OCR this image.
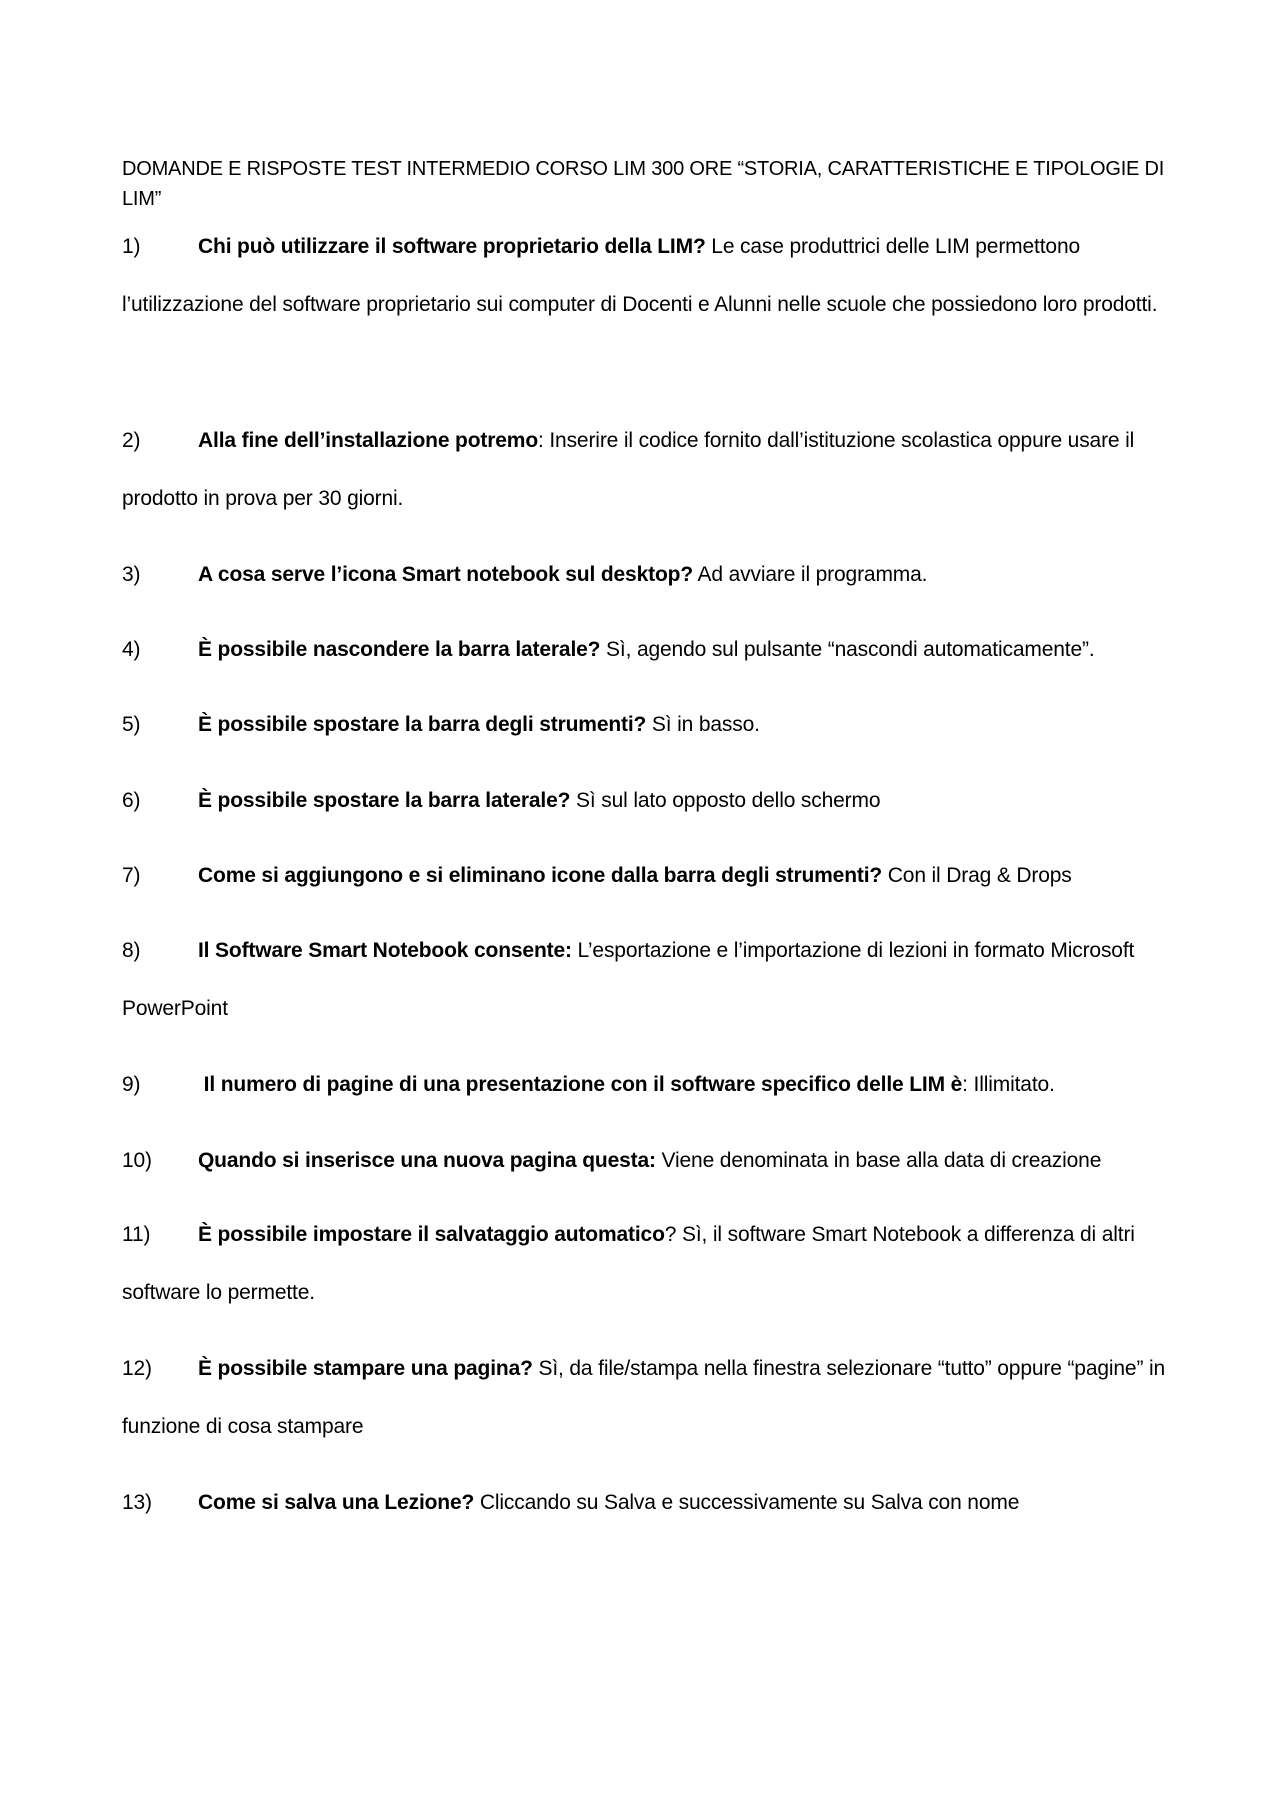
DOMANDE E RISPOSTE TEST INTERMEDIO CORSO LIM 300 ORE “STORIA, CARATTERISTICHE E TIPOLOGIE DI LIM”
1)	Chi può utilizzare il software proprietario della LIM? Le case produttrici delle LIM permettono l’utilizzazione del software proprietario sui computer di Docenti e Alunni nelle scuole che possiedono loro prodotti.
2)	Alla fine dell’installazione potremo: Inserire il codice fornito dall’istituzione scolastica oppure usare il prodotto in prova per 30 giorni.
3)	A cosa serve l’icona Smart notebook sul desktop? Ad avviare il programma.
4)	È possibile nascondere la barra laterale? Sì, agendo sul pulsante “nascondi automaticamente”.
5)	È possibile spostare la barra degli strumenti? Sì in basso.
6)	È possibile spostare la barra laterale? Sì sul lato opposto dello schermo
7)	Come si aggiungono e si eliminano icone dalla barra degli strumenti? Con il Drag & Drops
8)	Il Software Smart Notebook consente: L’esportazione e l’importazione di lezioni in formato Microsoft PowerPoint
9)	Il numero di pagine di una presentazione con il software specifico delle LIM è: Illimitato.
10) Quando si inserisce una nuova pagina questa: Viene denominata in base alla data di creazione
11) È possibile impostare il salvataggio automatico? Sì, il software Smart Notebook a differenza di altri software lo permette.
12) È possibile stampare una pagina? Sì, da file/stampa nella finestra selezionare “tutto” oppure “pagine” in funzione di cosa stampare
13) Come si salva una Lezione? Cliccando su Salva e successivamente su Salva con nome
